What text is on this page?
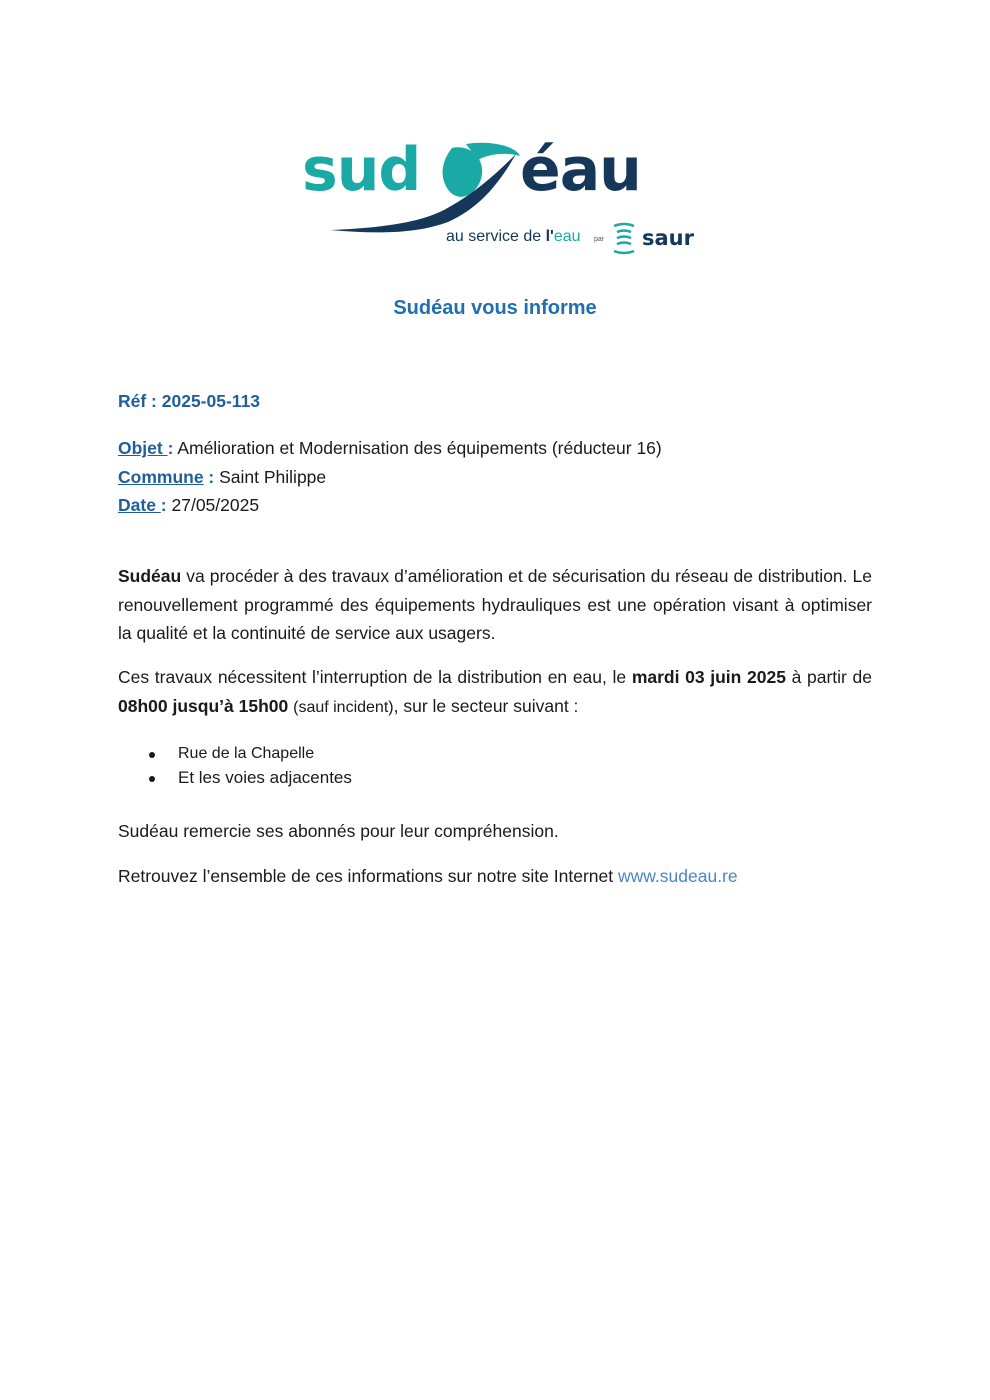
sud éau
au service de l'eau par saur
Sudéau vous informe
Réf : 2025-05-113
Objet : Amélioration et Modernisation des équipements (réducteur 16)
Commune : Saint Philippe
Date : 27/05/2025
Sudéau va procéder à des travaux d’amélioration et de sécurisation du réseau de distribution. Le renouvellement programmé des équipements hydrauliques est une opération visant à optimiser la qualité et la continuité de service aux usagers.
Ces travaux nécessitent l’interruption de la distribution en eau, le mardi 03 juin 2025 à partir de 08h00 jusqu’à 15h00 (sauf incident), sur le secteur suivant :
Rue de la Chapelle
Et les voies adjacentes
Sudéau remercie ses abonnés pour leur compréhension.
Retrouvez l’ensemble de ces informations sur notre site Internet www.sudeau.re
